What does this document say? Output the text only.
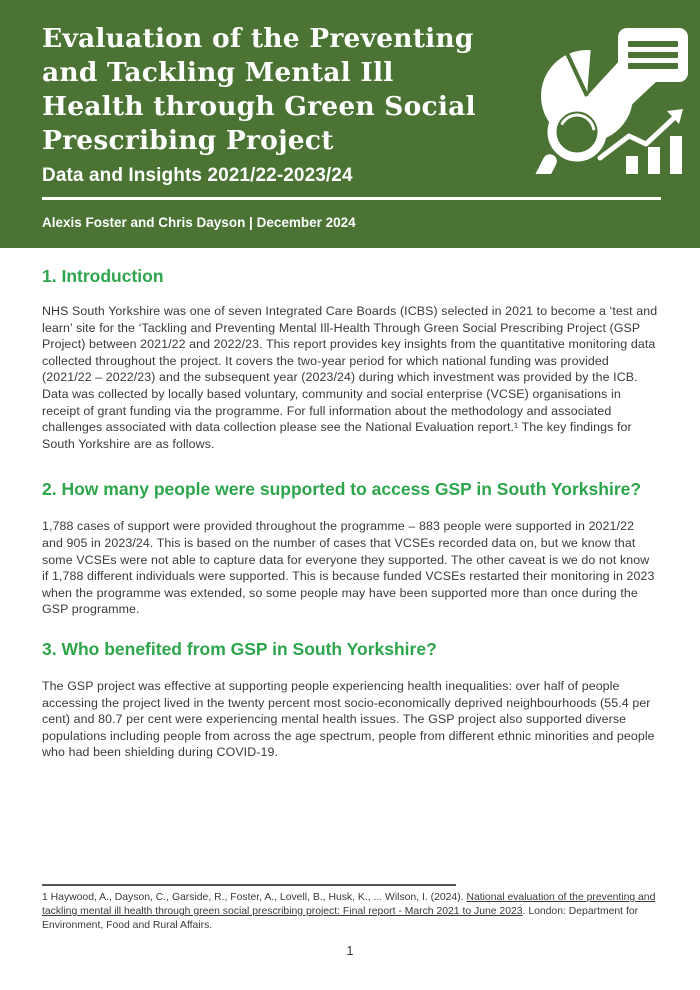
Evaluation of the Preventing
and Tackling Mental Ill
Health through Green Social
Prescribing Project
Data and Insights 2021/22-2023/24
Alexis Foster and Chris Dayson | December 2024
1. Introduction

NHS South Yorkshire was one of seven Integrated Care Boards (ICBS) selected in 2021 to become a ‘test and learn’ site for the ‘Tackling and Preventing Mental Ill-Health Through Green Social Prescribing Project (GSP Project) between 2021/22 and 2022/23. This report provides key insights from the quantitative monitoring data collected throughout the project. It covers the two-year period for which national funding was provided (2021/22 – 2022/23) and the subsequent year (2023/24) during which investment was provided by the ICB. Data was collected by locally based voluntary, community and social enterprise (VCSE) organisations in receipt of grant funding via the programme. For full information about the methodology and associated challenges associated with data collection please see the National Evaluation report.¹ The key findings for South Yorkshire are as follows.

2. How many people were supported to access GSP in South Yorkshire?

1,788 cases of support were provided throughout the programme – 883 people were supported in 2021/22 and 905 in 2023/24. This is based on the number of cases that VCSEs recorded data on, but we know that some VCSEs were not able to capture data for everyone they supported. The other caveat is we do not know if 1,788 different individuals were supported. This is because funded VCSEs restarted their monitoring in 2023 when the programme was extended, so some people may have been supported more than once during the GSP programme.

3. Who benefited from GSP in South Yorkshire?

The GSP project was effective at supporting people experiencing health inequalities: over half of people accessing the project lived in the twenty percent most socio-economically deprived neighbourhoods (55.4 per cent) and 80.7 per cent were experiencing mental health issues. The GSP project also supported diverse populations including people from across the age spectrum, people from different ethnic minorities and people who had been shielding during COVID-19.

1 Haywood, A., Dayson, C., Garside, R., Foster, A., Lovell, B., Husk, K., ... Wilson, I. (2024). National evaluation of the preventing and tackling mental ill health through green social prescribing project: Final report - March 2021 to June 2023. London: Department for Environment, Food and Rural Affairs.

1
